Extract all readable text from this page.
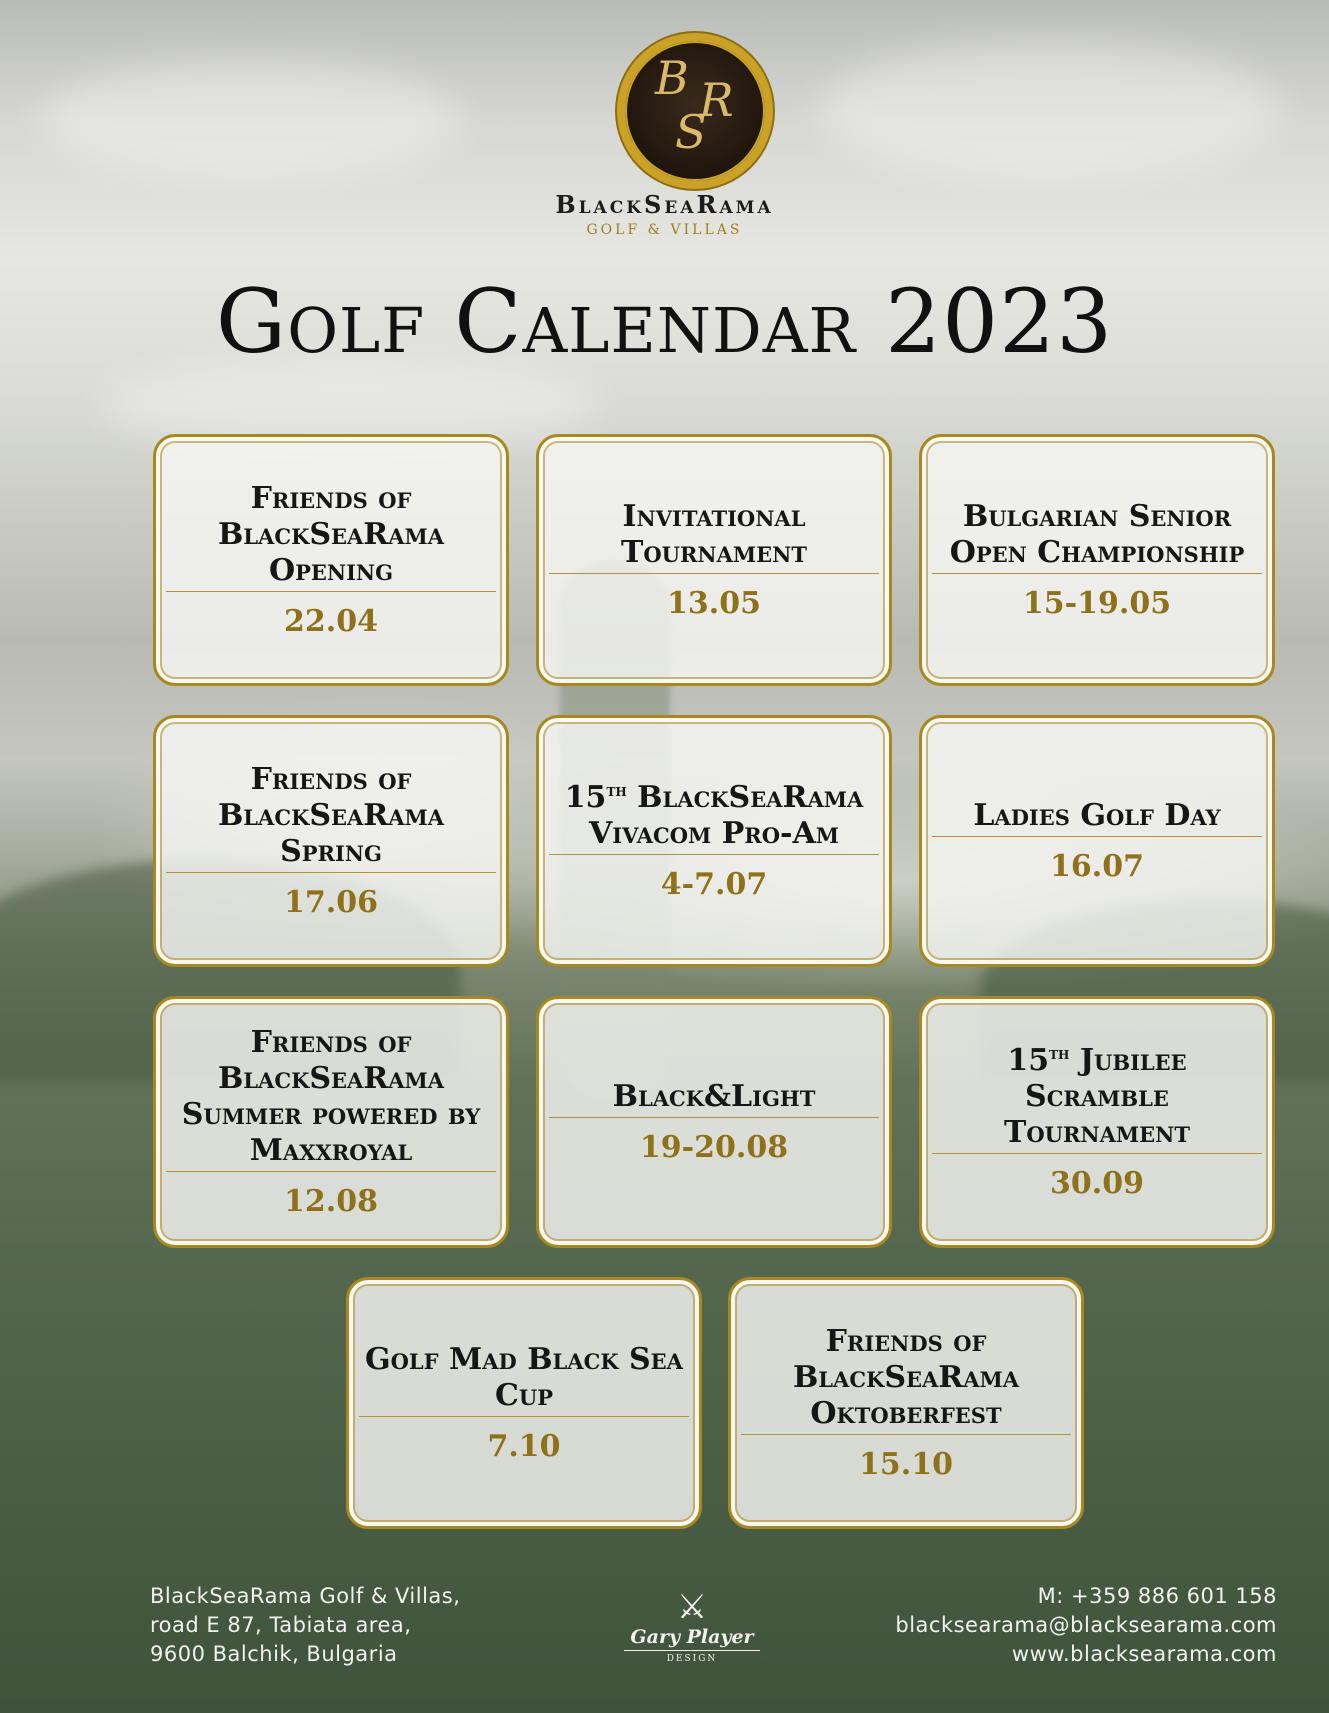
B R
S
BlackSeaRama
GOLF & VILLAS
Golf Calendar 2023
Friends of BlackSeaRama Opening
22.04
Invitational Tournament
13.05
Bulgarian Senior Open Championship
15-19.05
Friends of BlackSeaRama Spring
17.06
15th BlackSeaRama Vivacom Pro-Am
4-7.07
Ladies Golf Day
16.07
Friends of BlackSeaRama Summer powered by Maxxroyal
12.08
Black&Light
19-20.08
15th Jubilee Scramble Tournament
30.09
Golf Mad Black Sea Cup
7.10
Friends of BlackSeaRama Oktoberfest
15.10
BlackSeaRama Golf & Villas,
road E 87, Tabiata area,
9600 Balchik, Bulgaria
⚔
Gary Player
DESIGN
M: +359 886 601 158
blacksearama@blacksearama.com
www.blacksearama.com
